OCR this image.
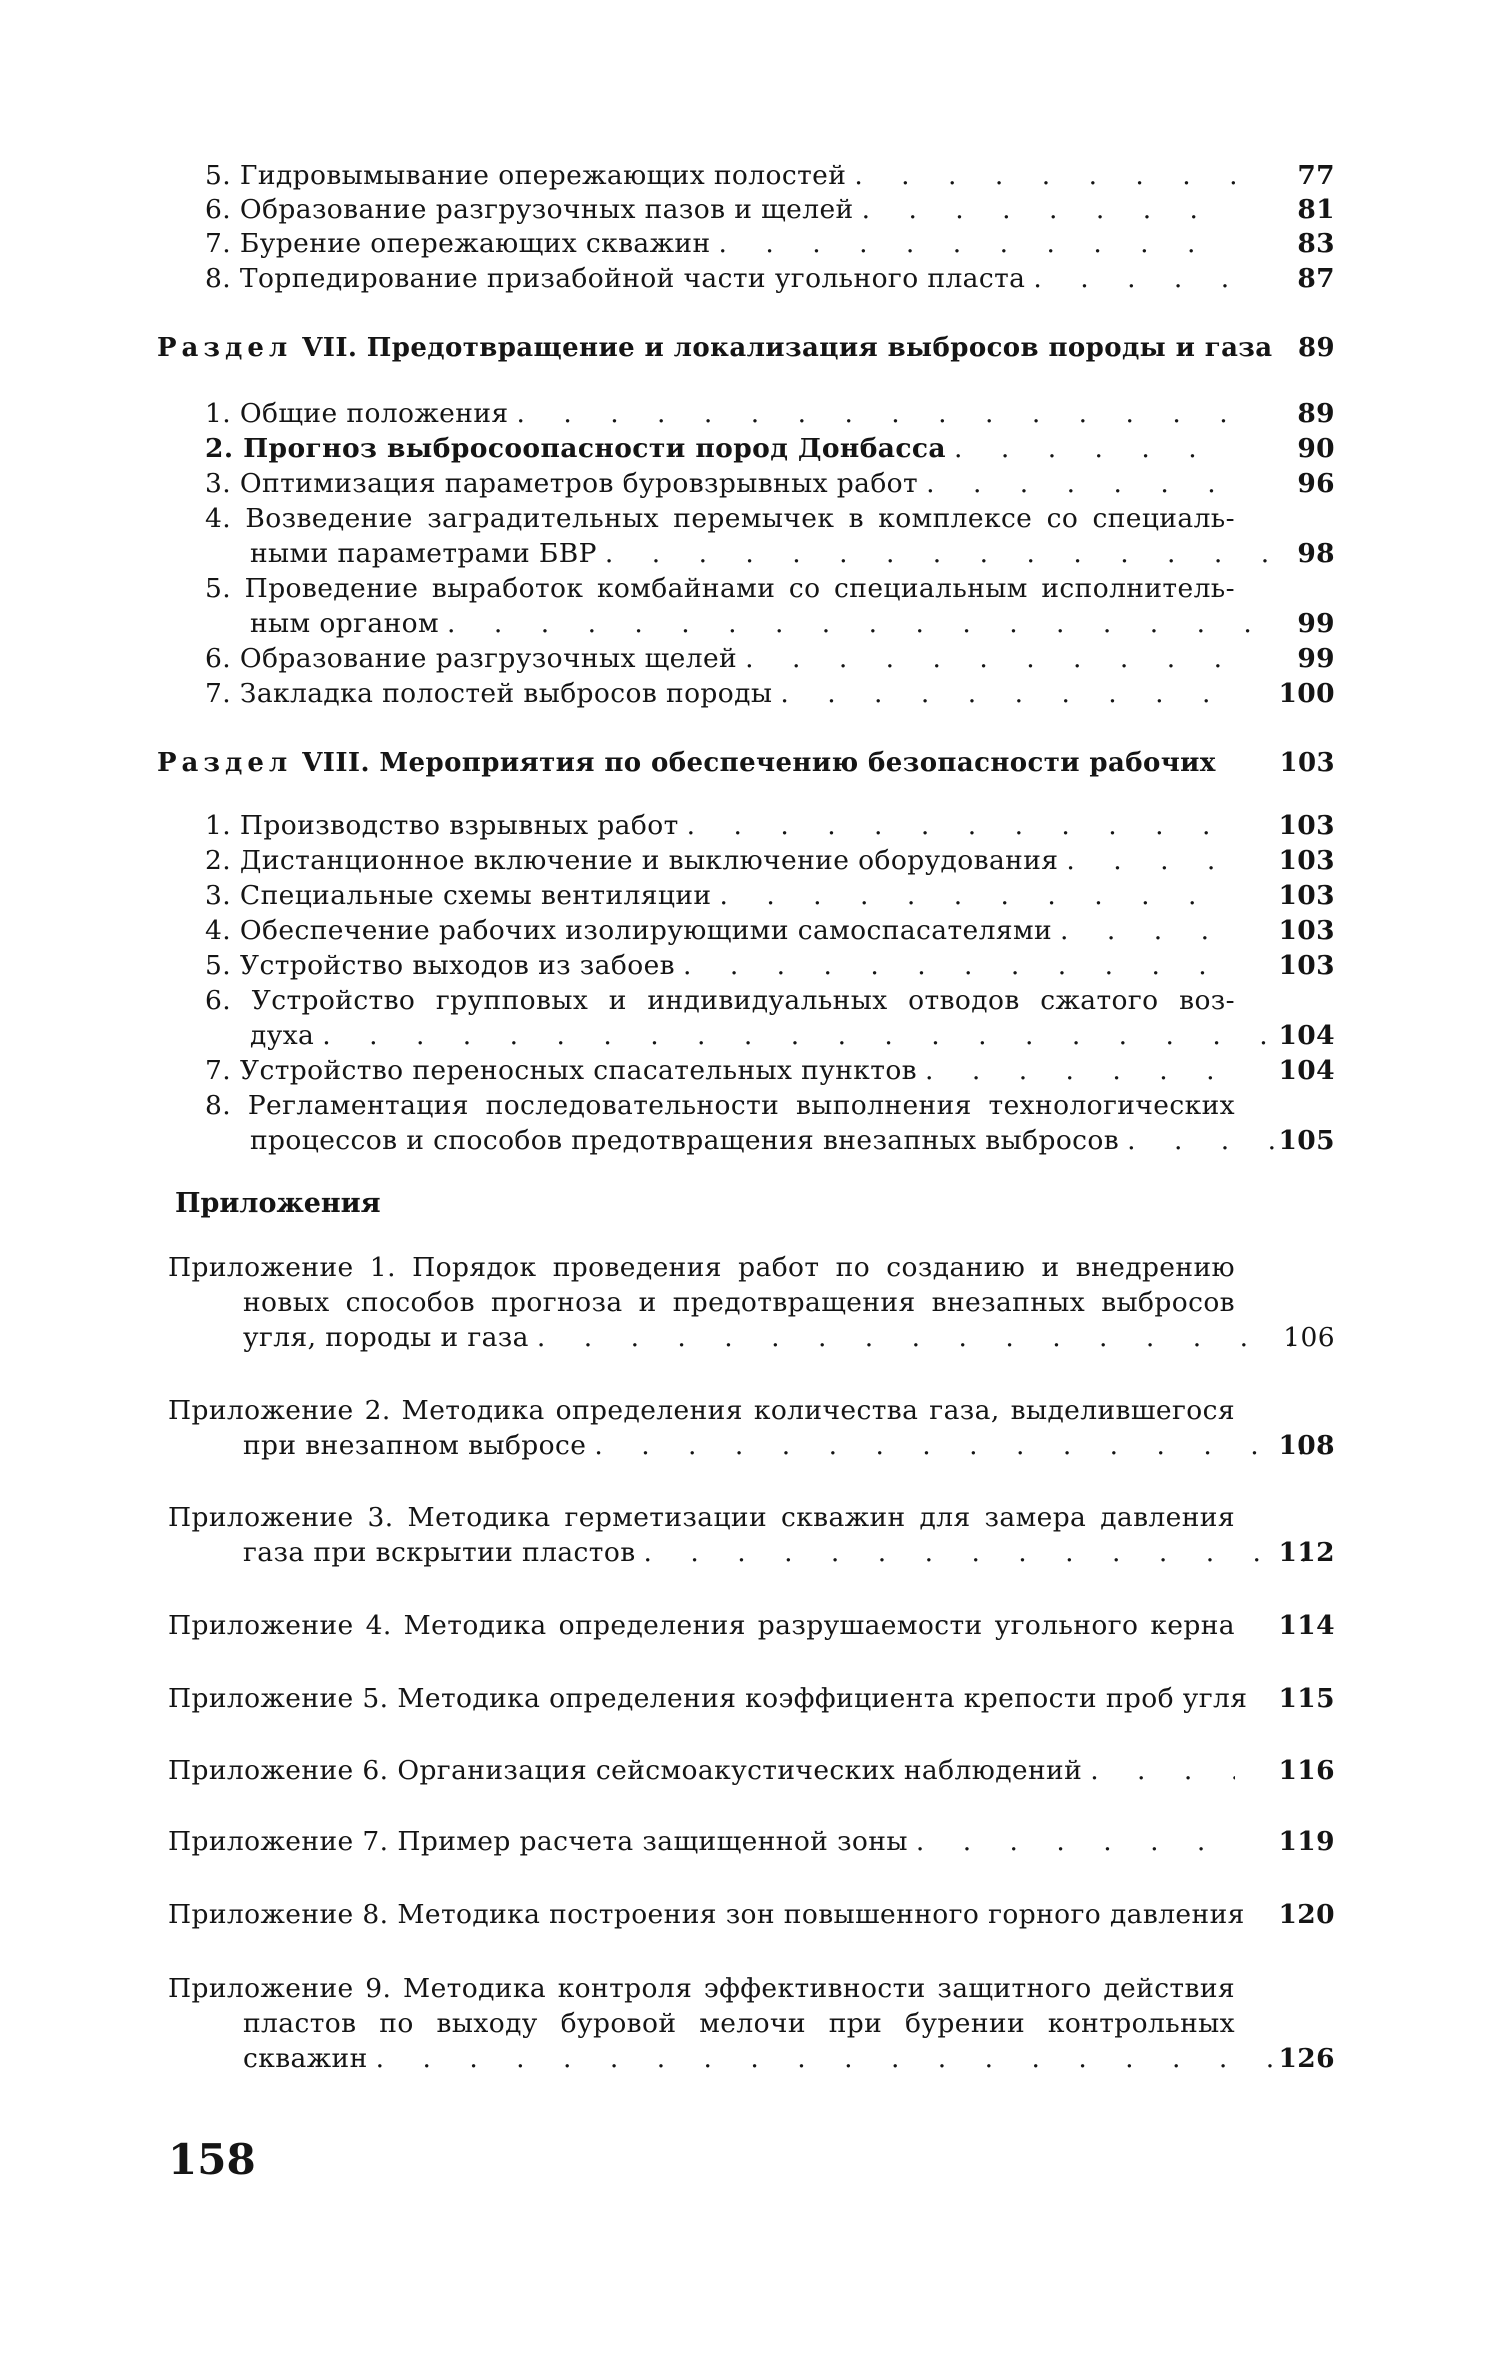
5. Гидровымывание опережающих полостей . . .	77
6. Образование разгрузочных пазов и щелей . . .	81
7. Бурение опережающих скважин . . .	83
8. Торпедирование призабойной части угольного пласта . . .	87
Раздел VII. Предотвращение и локализация выбросов породы и газа 89
1. Общие положения . . .	89
2. Прогноз выбросоопасности пород Донбасса . . .	90
3. Оптимизация параметров буровзрывных работ . . .	96
4. Возведение заградительных перемычек в комплексе со специаль-
ными параметрами БВР . . .	98
5. Проведение выработок комбайнами со специальным исполнитель-
ным органом . . .	99
6. Образование разгрузочных щелей . . .	99
7. Закладка полостей выбросов породы . . .	100
Раздел VIII. Мероприятия по обеспечению безопасности рабочих	103
1. Производство взрывных работ . . .	103
2. Дистанционное включение и выключение оборудования . . .	103
3. Специальные схемы вентиляции . . .	103
4. Обеспечение рабочих изолирующими самоспасателями . . .	103
5. Устройство выходов из забоев . . .	103
6. Устройство групповых и индивидуальных отводов сжатого воз-
духа . . .	104
7. Устройство переносных спасательных пунктов . . .	104
8. Регламентация последовательности выполнения технологических
процессов и способов предотвращения внезапных выбросов . . .	105
Приложения
Приложение 1. Порядок проведения работ по созданию и внедрению
новых способов прогноза и предотвращения внезапных выбросов
угля, породы и газа . . .	106
Приложение 2. Методика определения количества газа, выделившегося
при внезапном выбросе . . .	108
Приложение 3. Методика герметизации скважин для замера давления
газа при вскрытии пластов . . .	112
Приложение 4. Методика определения разрушаемости угольного керна	114
Приложение 5. Методика определения коэффициента крепости проб угля	115
Приложение 6. Организация сейсмоакустических наблюдений . . .	116
Приложение 7. Пример расчета защищенной зоны . . .	119
Приложение 8. Методика построения зон повышенного горного давления	120
Приложение 9. Методика контроля эффективности защитного действия
пластов по выходу буровой мелочи при бурении контрольных
скважин . . .	126
158
